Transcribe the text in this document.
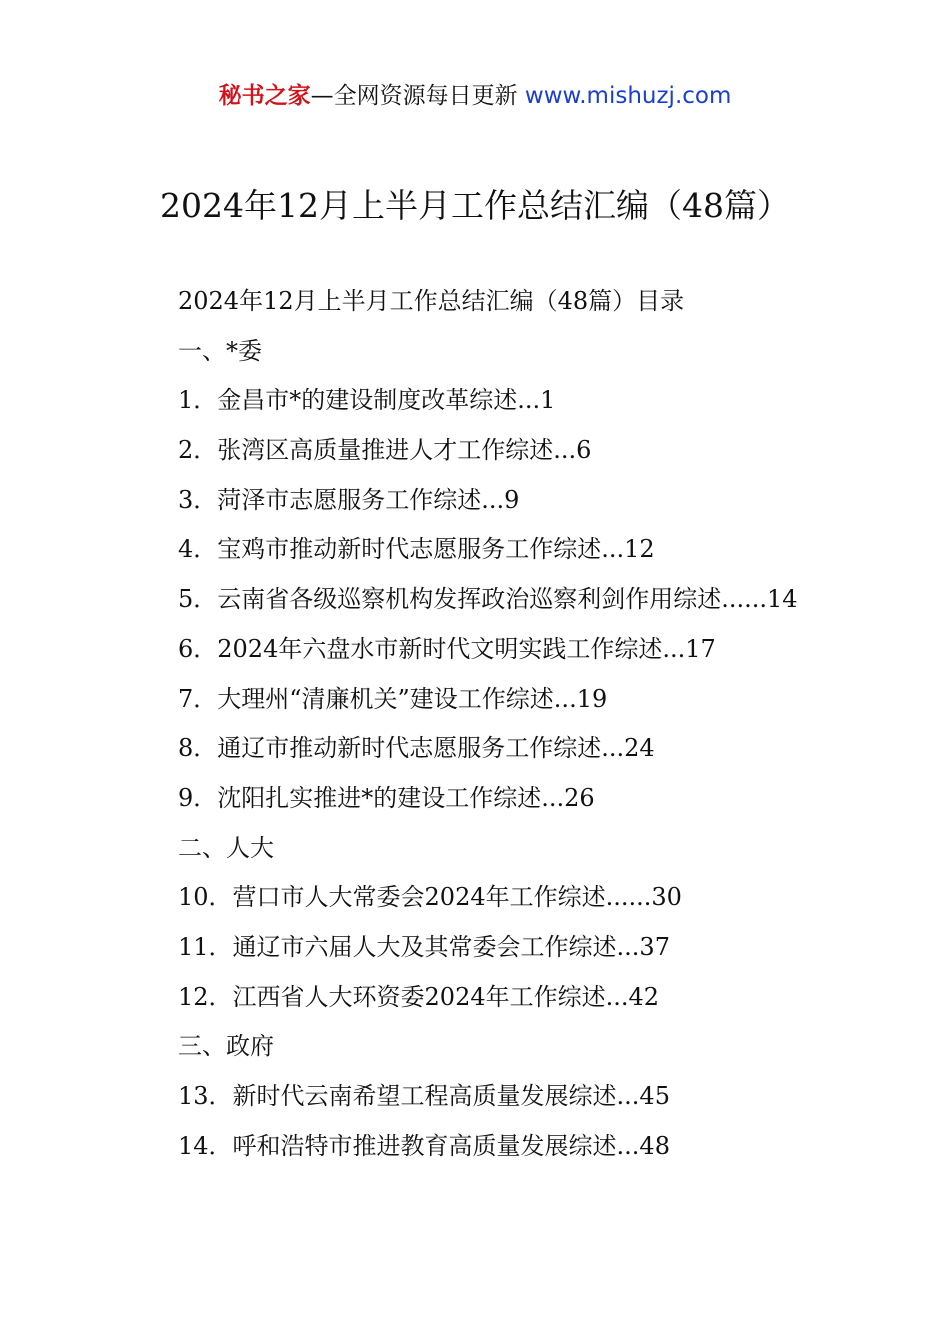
秘书之家—全网资源每日更新 www.mishuzj.com
2024年12月上半月工作总结汇编（48篇）
2024年12月上半月工作总结汇编（48篇）目录
一、*委
1．金昌市*的建设制度改革综述...1
2．张湾区高质量推进人才工作综述...6
3．菏泽市志愿服务工作综述...9
4．宝鸡市推动新时代志愿服务工作综述...12
5．云南省各级巡察机构发挥政治巡察利剑作用综述......14
6．2024年六盘水市新时代文明实践工作综述...17
7．大理州“清廉机关”建设工作综述...19
8．通辽市推动新时代志愿服务工作综述...24
9．沈阳扎实推进*的建设工作综述...26
二、人大
10．营口市人大常委会2024年工作综述......30
11．通辽市六届人大及其常委会工作综述...37
12．江西省人大环资委2024年工作综述...42
三、政府
13．新时代云南希望工程高质量发展综述...45
14．呼和浩特市推进教育高质量发展综述...48
